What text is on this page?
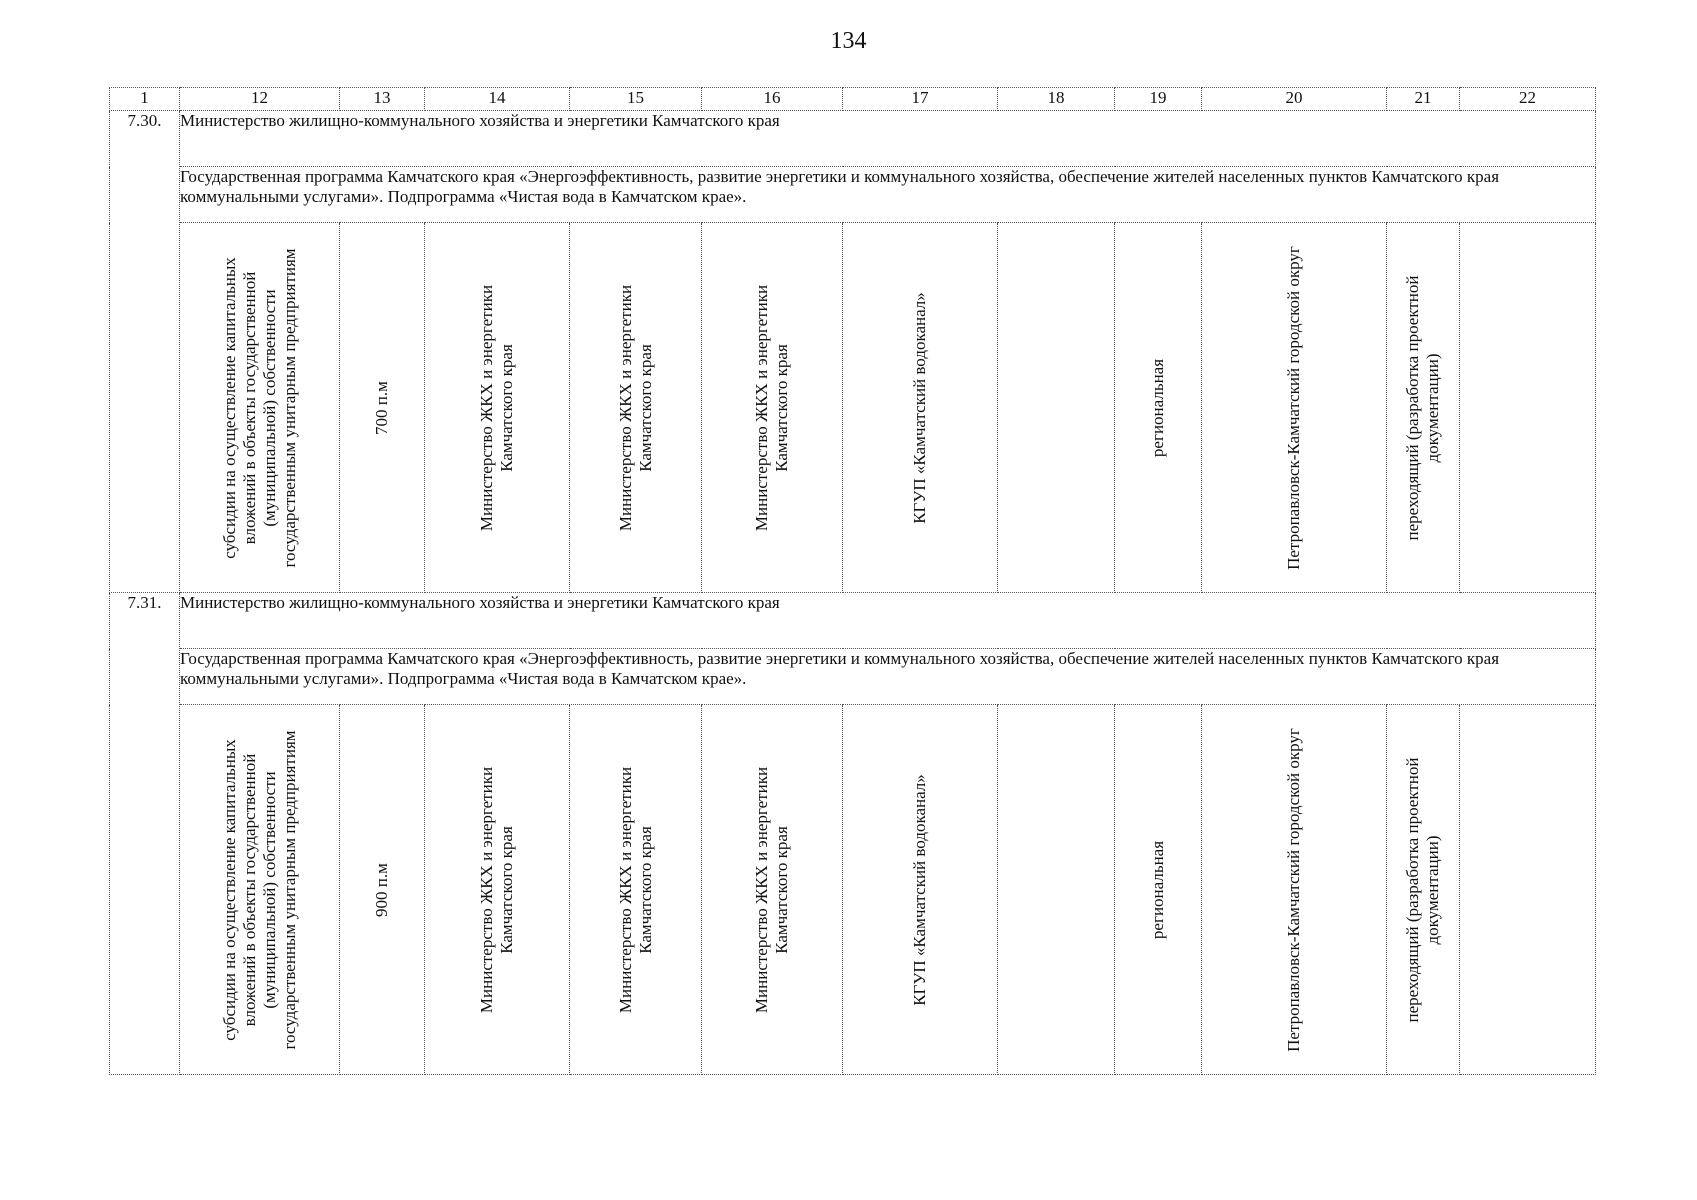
134
1	12	13	14	15	16	17	18	19	20	21	22
7.30.	Министерство жилищно-коммунального хозяйства и энергетики Камчатского края										
	Государственная программа Камчатского края «Энергоэффективность, развитие энергетики и коммунального хозяйства, обеспечение жителей населенных пунктов Камчатского края коммунальными услугами». Подпрограмма «Чистая вода в Камчатском крае».										

	субсидии на осуществление капитальных вложений в объекты государственной (муниципальной) собственности государственным унитарным предприятиям	700 п.м	Министерство ЖКХ и энергетики Камчатского края	Министерство ЖКХ и энергетики Камчатского края	Министерство ЖКХ и энергетики Камчатского края	КГУП «Камчатский водоканал»		региональная	Петропавловск-Камчатский городской округ	переходящий (разработка проектной документации)	

7.31.	Министерство жилищно-коммунального хозяйства и энергетики Камчатского края										
	Государственная программа Камчатского края «Энергоэффективность, развитие энергетики и коммунального хозяйства, обеспечение жителей населенных пунктов Камчатского края коммунальными услугами». Подпрограмма «Чистая вода в Камчатском крае».										

	субсидии на осуществление капитальных вложений в объекты государственной (муниципальной) собственности государственным унитарным предприятиям	900 п.м	Министерство ЖКХ и энергетики Камчатского края	Министерство ЖКХ и энергетики Камчатского края	Министерство ЖКХ и энергетики Камчатского края	КГУП «Камчатский водоканал»		региональная	Петропавловск-Камчатский городской округ	переходящий (разработка проектной документации)	
